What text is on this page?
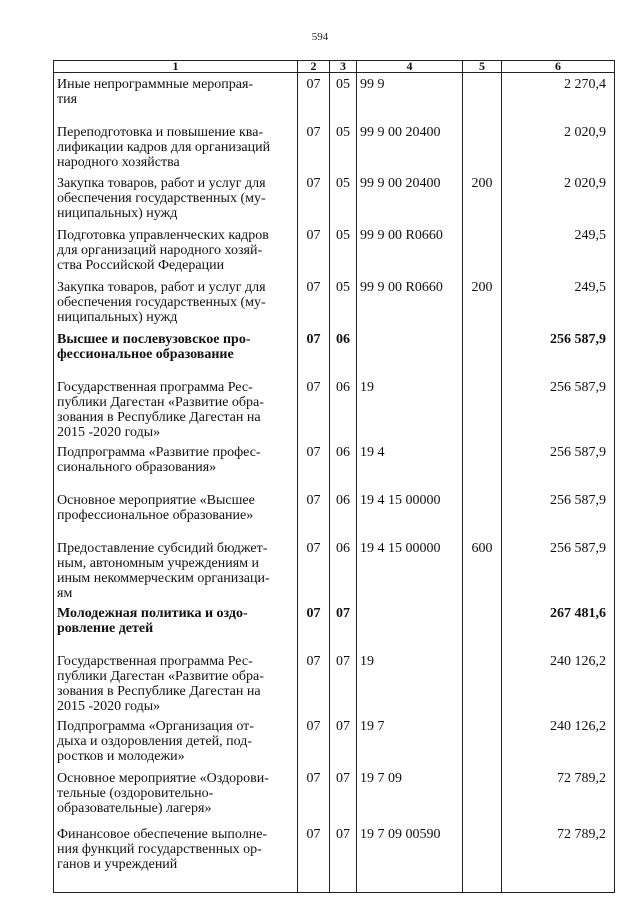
594
1	2	3	4	5	6

Иные непрограммные меропрая-
тия	07	05	99 9		2 270,4

Переподготовка и повышение ква-
лификации кадров для организаций
народного хозяйства	07	05	99 9 00 20400		2 020,9

Закупка товаров, работ и услуг для
обеспечения государственных (му-
ниципальных) нужд	07	05	99 9 00 20400	200	2 020,9

Подготовка управленческих кадров
для организаций народного хозяй-
ства Российской Федерации	07	05	99 9 00 R0660		249,5

Закупка товаров, работ и услуг для
обеспечения государственных (му-
ниципальных) нужд	07	05	99 9 00 R0660	200	249,5

Высшее и послевузовское про-
фессиональное образование	07	06			256 587,9

Государственная программа Рес-
публики Дагестан «Развитие обра-
зования в Республике Дагестан на
2015 -2020 годы»	07	06	19		256 587,9

Подпрограмма «Развитие профес-
сионального образования»	07	06	19 4		256 587,9

Основное мероприятие «Высшее
профессиональное образование»	07	06	19 4 15 00000		256 587,9

Предоставление субсидий бюджет-
ным, автономным учреждениям и
иным некоммерческим организаци-
ям	07	06	19 4 15 00000	600	256 587,9

Молодежная политика и оздо-
ровление детей	07	07			267 481,6

Государственная программа Рес-
публики Дагестан «Развитие обра-
зования в Республике Дагестан на
2015 -2020 годы»	07	07	19		240 126,2

Подпрограмма «Организация от-
дыха и оздоровления детей, под-
ростков и молодежи»	07	07	19 7		240 126,2

Основное мероприятие «Оздорови-
тельные (оздоровительно-
образовательные) лагеря»	07	07	19 7 09		72 789,2

Финансовое обеспечение выполне-
ния функций государственных ор-
ганов и учреждений	07	07	19 7 09 00590		72 789,2
